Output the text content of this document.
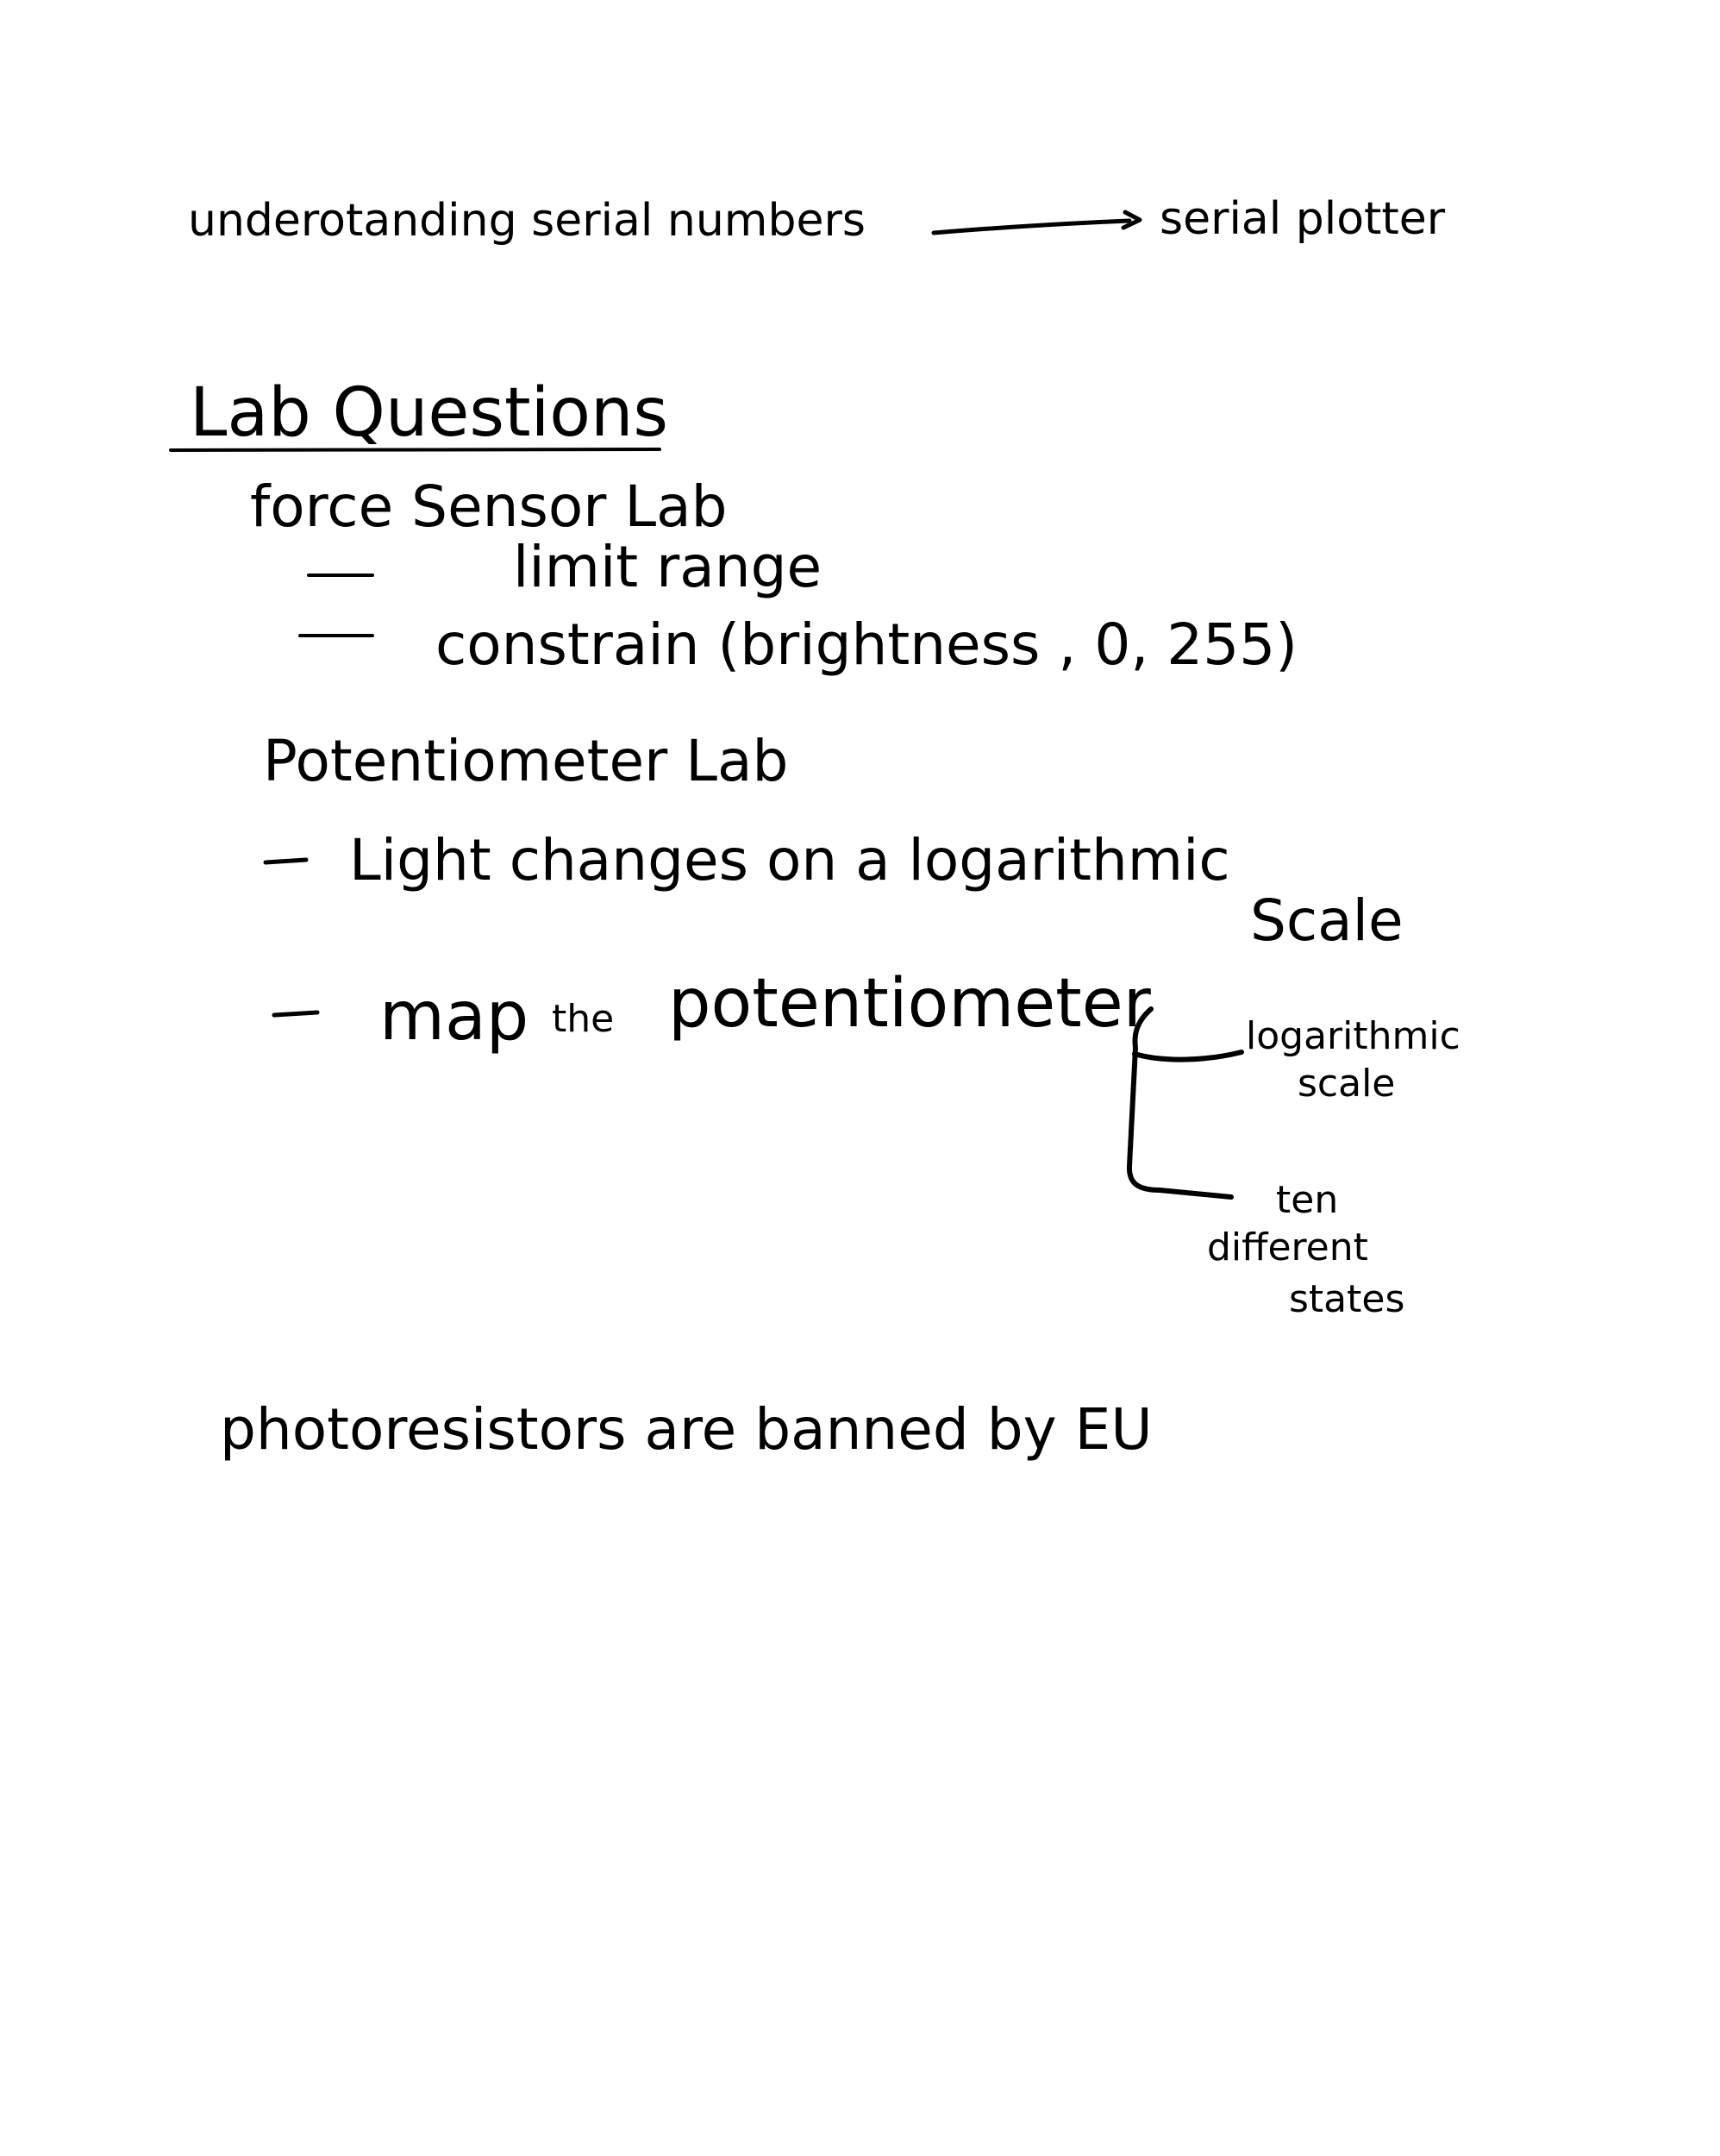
underotanding serial numbers	serial plotter
Lab Questions
force Sensor Lab
limit range
constrain (brightness , 0, 255)
Potentiometer Lab
Light changes on a logarithmic
Scale
map the potentiometer	logarithmic
scale
ten
different
states
photoresistors are banned by EU
